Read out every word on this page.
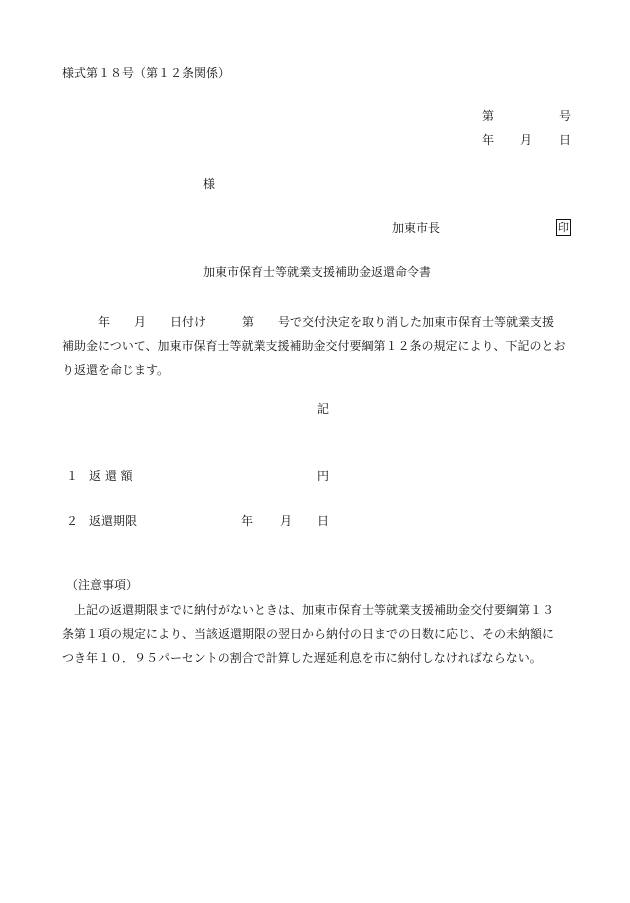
様式第１８号（第１２条関係）
第	号
年 月 日
様
加東市長	印
加東市保育士等就業支援補助金返還命令書
　　　年　　月　　日付け　　　第　　号で交付決定を取り消した加東市保育士等就業支援
補助金について、加東市保育士等就業支援補助金交付要綱第１２条の規定により、下記のとお
り返還を命じます。
記
１ 返 還 額	円
２ 返還期限	年 月 日
（注意事項）
　上記の返還期限までに納付がないときは、加東市保育士等就業支援補助金交付要綱第１３
条第１項の規定により、当該返還期限の翌日から納付の日までの日数に応じ、その未納額に
つき年１０．９５パーセントの割合で計算した遅延利息を市に納付しなければならない。
